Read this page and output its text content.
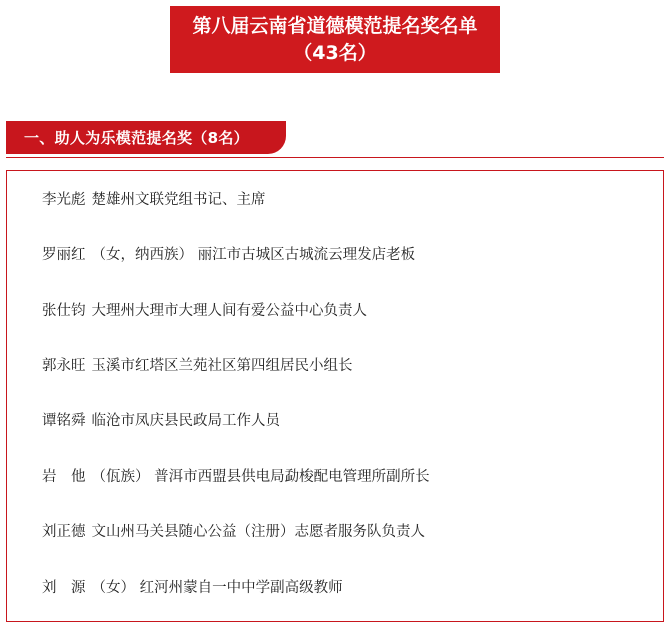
第八届云南省道德模范提名奖名单
（43名）
一、助人为乐模范提名奖（8名）
李光彪 楚雄州文联党组书记、主席
罗丽红 （女，纳西族） 丽江市古城区古城流云理发店老板
张仕钧 大理州大理市大理人间有爱公益中心负责人
郭永旺 玉溪市红塔区兰苑社区第四组居民小组长
谭铭舜 临沧市凤庆县民政局工作人员
岩　他 （佤族） 普洱市西盟县供电局勐梭配电管理所副所长
刘正德 文山州马关县随心公益（注册）志愿者服务队负责人
刘　源 （女） 红河州蒙自一中中学副高级教师
